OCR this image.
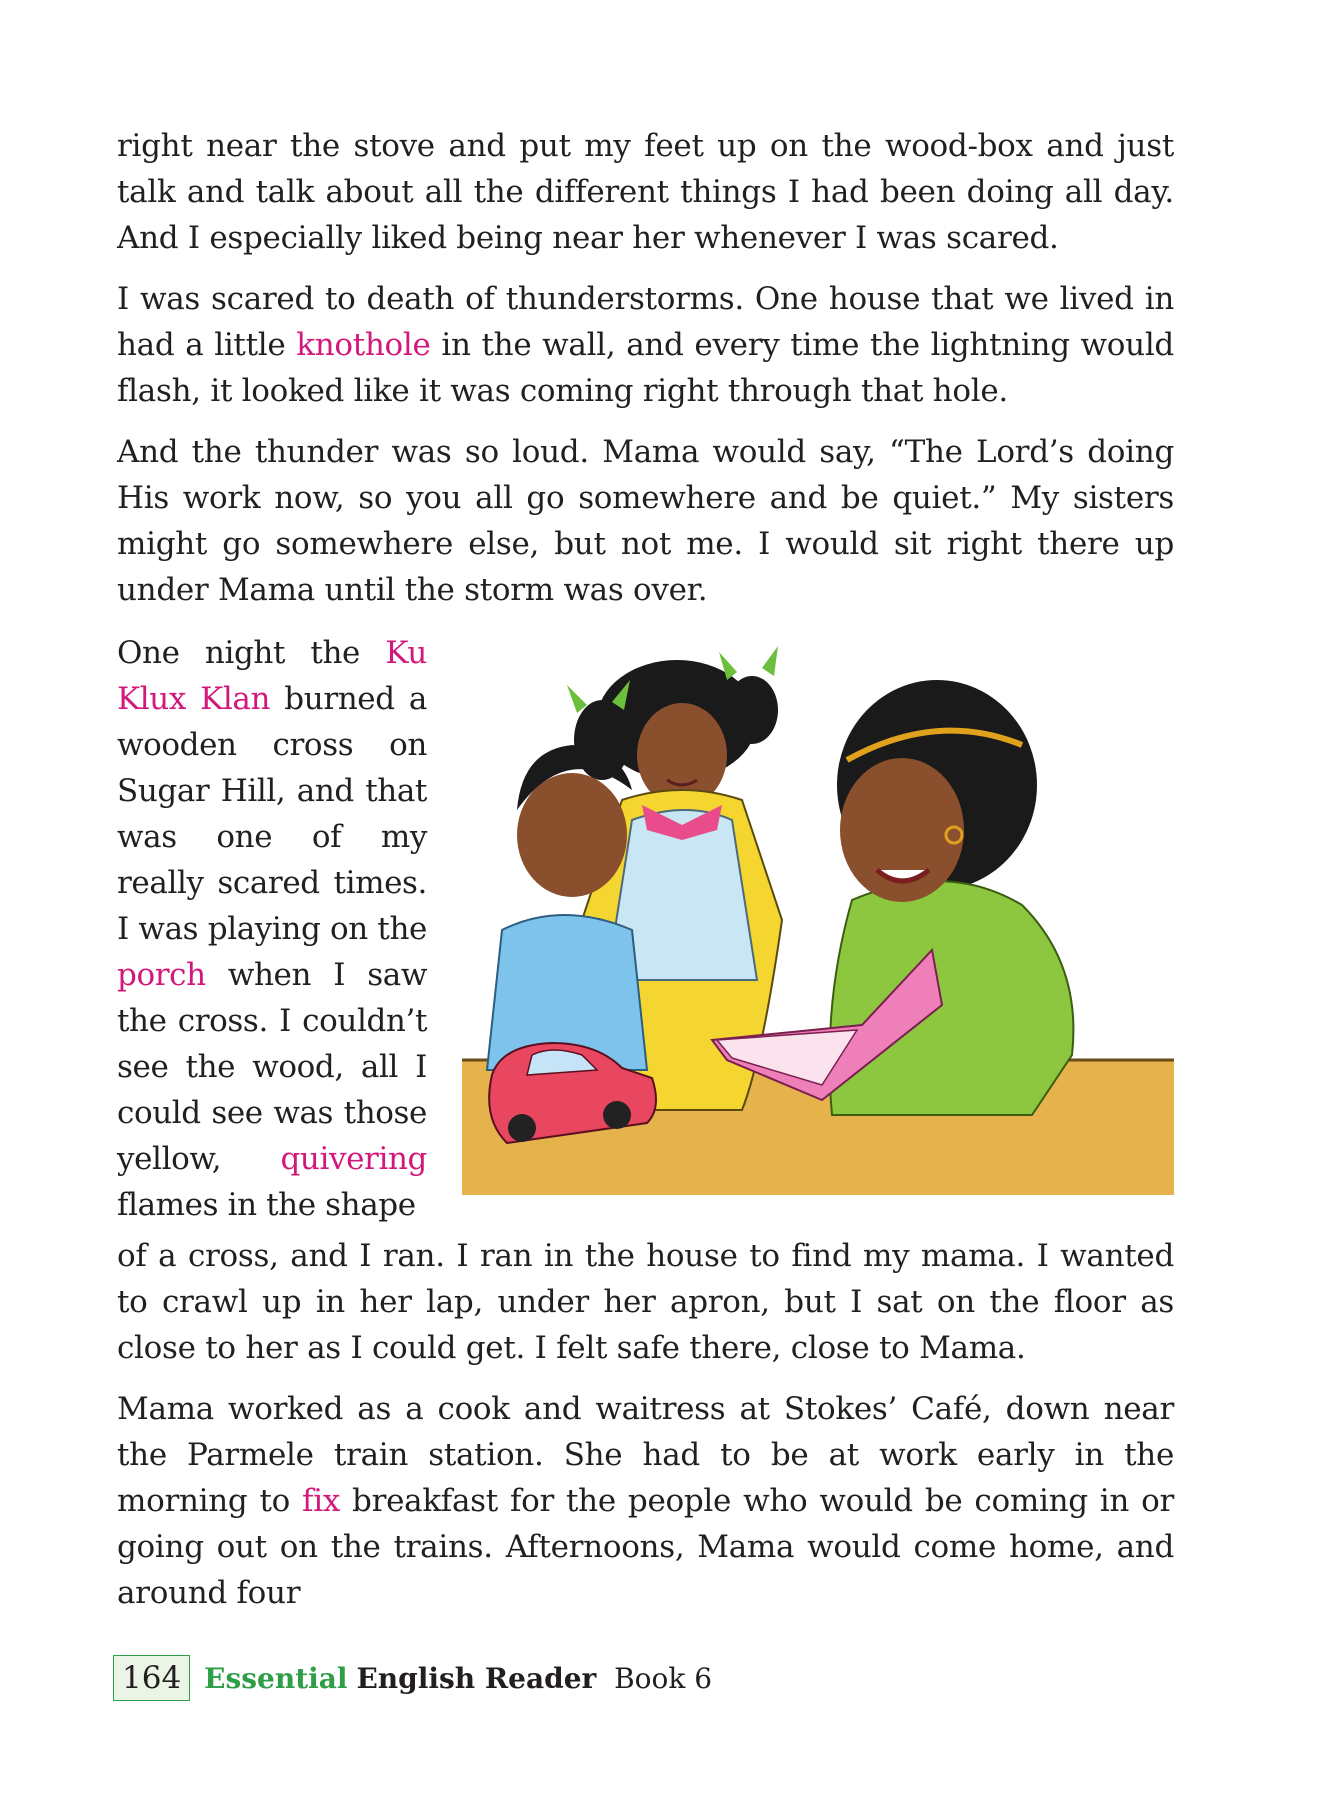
right near the stove and put my feet up on the wood-box and just talk and talk about all the different things I had been doing all day. And I especially liked being near her whenever I was scared.

I was scared to death of thunderstorms. One house that we lived in had a little knothole in the wall, and every time the lightning would flash, it looked like it was coming right through that hole.

And the thunder was so loud. Mama would say, “The Lord’s doing His work now, so you all go somewhere and be quiet.” My sisters might go somewhere else, but not me. I would sit right there up under Mama until the storm was over.

One night the Ku Klux Klan burned a wooden cross on Sugar Hill, and that was one of my really scared times. I was playing on the porch when I saw the cross. I couldn’t see the wood, all I could see was those yellow, quivering flames in the shape

of a cross, and I ran. I ran in the house to find my mama. I wanted to crawl up in her lap, under her apron, but I sat on the floor as close to her as I could get. I felt safe there, close to Mama.

Mama worked as a cook and waitress at Stokes’ Café, down near the Parmele train station. She had to be at work early in the morning to fix breakfast for the people who would be coming in or going out on the trains. Afternoons, Mama would come home, and around four

164 Essential English Reader Book 6
